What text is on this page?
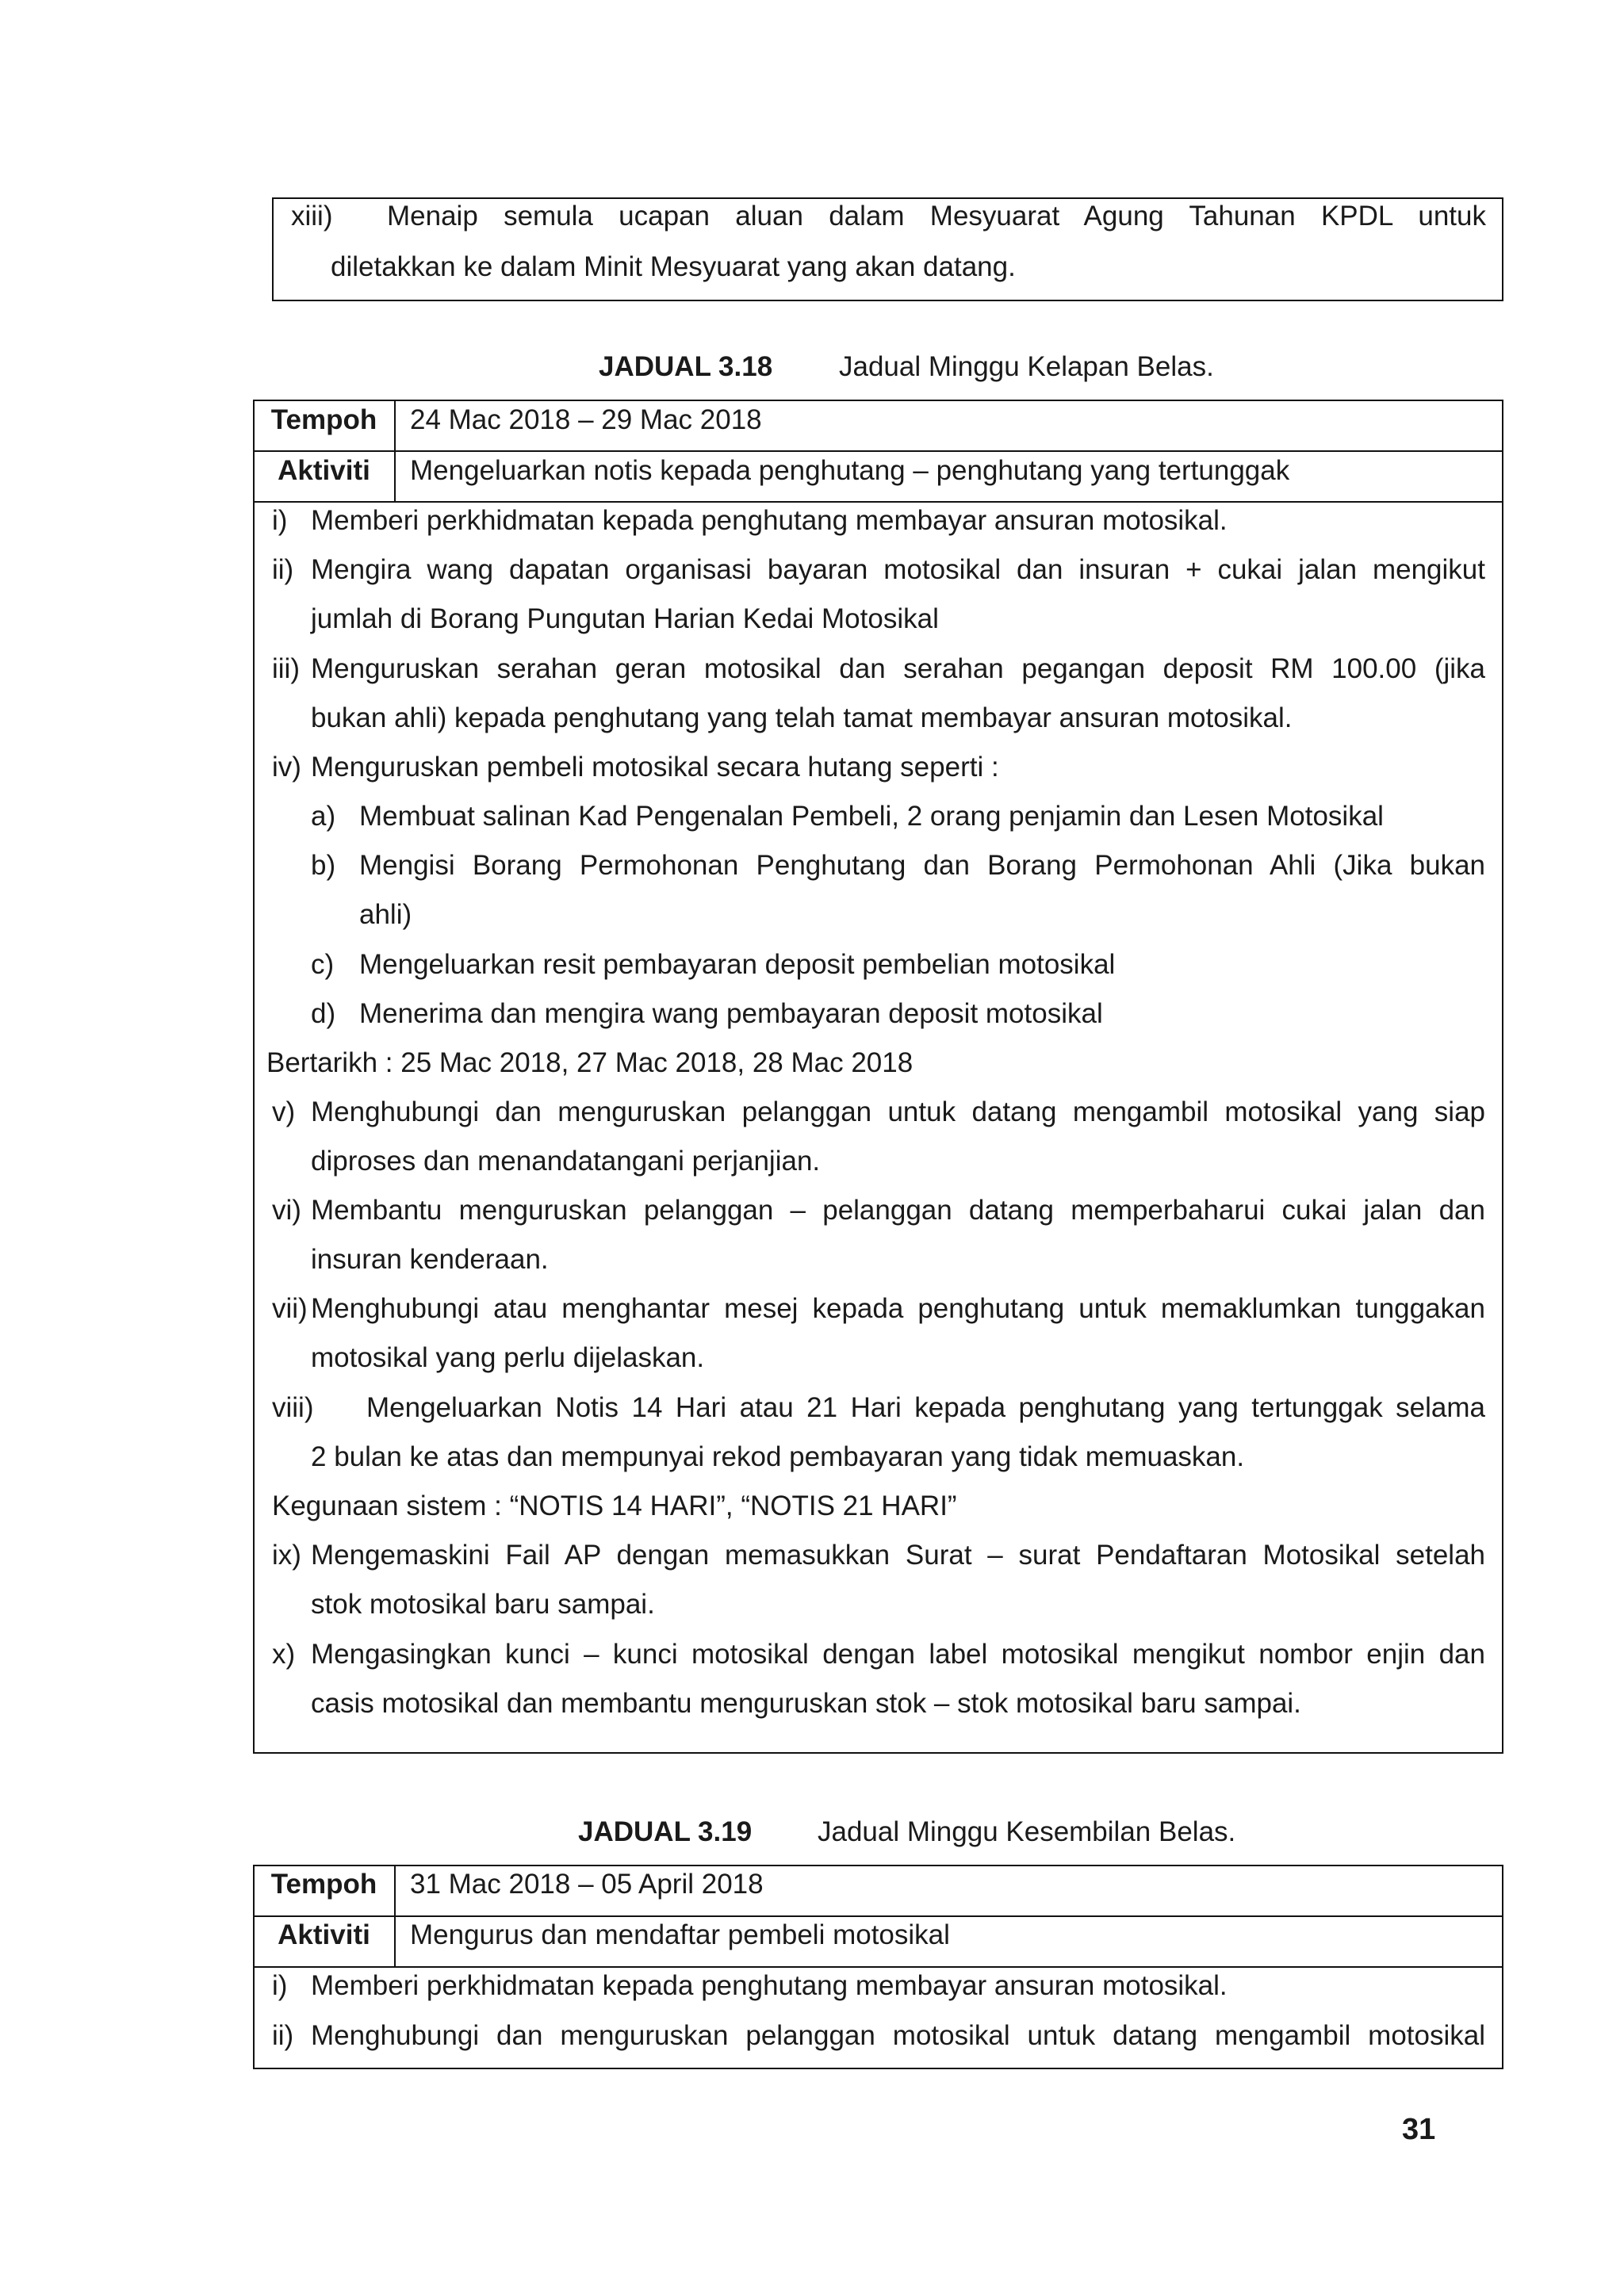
xiii) Menaip semula ucapan aluan dalam Mesyuarat Agung Tahunan KPDL untuk
diletakkan ke dalam Minit Mesyuarat yang akan datang.
JADUAL 3.18 Jadual Minggu Kelapan Belas.
Tempoh	24 Mac 2018 – 29 Mac 2018
Aktiviti	Mengeluarkan notis kepada penghutang – penghutang yang tertunggak
i) Memberi perkhidmatan kepada penghutang membayar ansuran motosikal.
ii) Mengira wang dapatan organisasi bayaran motosikal dan insuran + cukai jalan mengikut
jumlah di Borang Pungutan Harian Kedai Motosikal
iii) Menguruskan serahan geran motosikal dan serahan pegangan deposit RM 100.00 (jika
bukan ahli) kepada penghutang yang telah tamat membayar ansuran motosikal.
iv) Menguruskan pembeli motosikal secara hutang seperti :
a) Membuat salinan Kad Pengenalan Pembeli, 2 orang penjamin dan Lesen Motosikal
b) Mengisi Borang Permohonan Penghutang dan Borang Permohonan Ahli (Jika bukan
ahli)
c) Mengeluarkan resit pembayaran deposit pembelian motosikal
d) Menerima dan mengira wang pembayaran deposit motosikal
Bertarikh : 25 Mac 2018, 27 Mac 2018, 28 Mac 2018
v) Menghubungi dan menguruskan pelanggan untuk datang mengambil motosikal yang siap
diproses dan menandatangani perjanjian.
vi) Membantu menguruskan pelanggan – pelanggan datang memperbaharui cukai jalan dan
insuran kenderaan.
vii) Menghubungi atau menghantar mesej kepada penghutang untuk memaklumkan tunggakan
motosikal yang perlu dijelaskan.
viii) Mengeluarkan Notis 14 Hari atau 21 Hari kepada penghutang yang tertunggak selama
2 bulan ke atas dan mempunyai rekod pembayaran yang tidak memuaskan.
Kegunaan sistem : “NOTIS 14 HARI”, “NOTIS 21 HARI”
ix) Mengemaskini Fail AP dengan memasukkan Surat – surat Pendaftaran Motosikal setelah
stok motosikal baru sampai.
x) Mengasingkan kunci – kunci motosikal dengan label motosikal mengikut nombor enjin dan
casis motosikal dan membantu menguruskan stok – stok motosikal baru sampai.
JADUAL 3.19 Jadual Minggu Kesembilan Belas.
Tempoh	31 Mac 2018 – 05 April 2018
Aktiviti	Mengurus dan mendaftar pembeli motosikal
i) Memberi perkhidmatan kepada penghutang membayar ansuran motosikal.
ii) Menghubungi dan menguruskan pelanggan motosikal untuk datang mengambil motosikal
31
